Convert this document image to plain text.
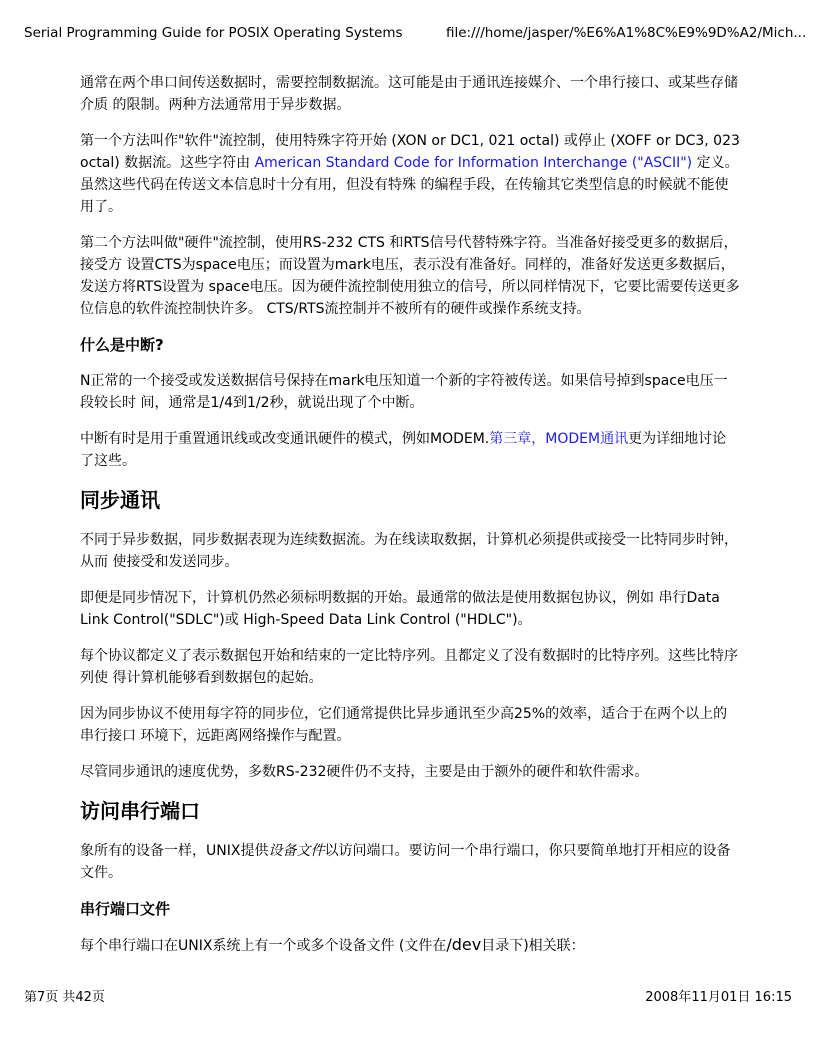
Serial Programming Guide for POSIX Operating Systems	file:///home/jasper/%E6%A1%8C%E9%9D%A2/Mich...

通常在两个串口间传送数据时，需要控制数据流。这可能是由于通讯连接媒介、一个串行接口、或某些存储介质 的限制。两种方法通常用于异步数据。

第一个方法叫作"软件"流控制，使用特殊字符开始 (XON or DC1, 021 octal) 或停止 (XOFF or DC3, 023 octal) 数据流。这些字符由 American Standard Code for Information Interchange ("ASCII") 定义。虽然这些代码在传送文本信息时十分有用，但没有特殊 的编程手段，在传输其它类型信息的时候就不能使用了。

第二个方法叫做"硬件"流控制，使用RS-232 CTS 和RTS信号代替特殊字符。当准备好接受更多的数据后，接受方 设置CTS为space电压；而设置为mark电压，表示没有准备好。同样的，准备好发送更多数据后，发送方将RTS设置为 space电压。因为硬件流控制使用独立的信号，所以同样情况下，它要比需要传送更多位信息的软件流控制快许多。 CTS/RTS流控制并不被所有的硬件或操作系统支持。

什么是中断?

N正常的一个接受或发送数据信号保持在mark电压知道一个新的字符被传送。如果信号掉到space电压一段较长时 间，通常是1/4到1/2秒，就说出现了个中断。

中断有时是用于重置通讯线或改变通讯硬件的模式，例如MODEM.第三章，MODEM通讯更为详细地讨论了这些。

同步通讯

不同于异步数据，同步数据表现为连续数据流。为在线读取数据，计算机必须提供或接受一比特同步时钟，从而 使接受和发送同步。

即便是同步情况下，计算机仍然必须标明数据的开始。最通常的做法是使用数据包协议，例如 串行Data Link Control("SDLC")或 High-Speed Data Link Control ("HDLC")。

每个协议都定义了表示数据包开始和结束的一定比特序列。且都定义了没有数据时的比特序列。这些比特序列使 得计算机能够看到数据包的起始。

因为同步协议不使用每字符的同步位，它们通常提供比异步通讯至少高25%的效率，适合于在两个以上的串行接口 环境下，远距离网络操作与配置。

尽管同步通讯的速度优势，多数RS-232硬件仍不支持，主要是由于额外的硬件和软件需求。

访问串行端口

象所有的设备一样，UNIX提供设备文件以访问端口。要访问一个串行端口，你只要简单地打开相应的设备文件。

串行端口文件

每个串行端口在UNIX系统上有一个或多个设备文件 (文件在/dev目录下)相关联：

第7页 共42页	2008年11月01日 16:15
